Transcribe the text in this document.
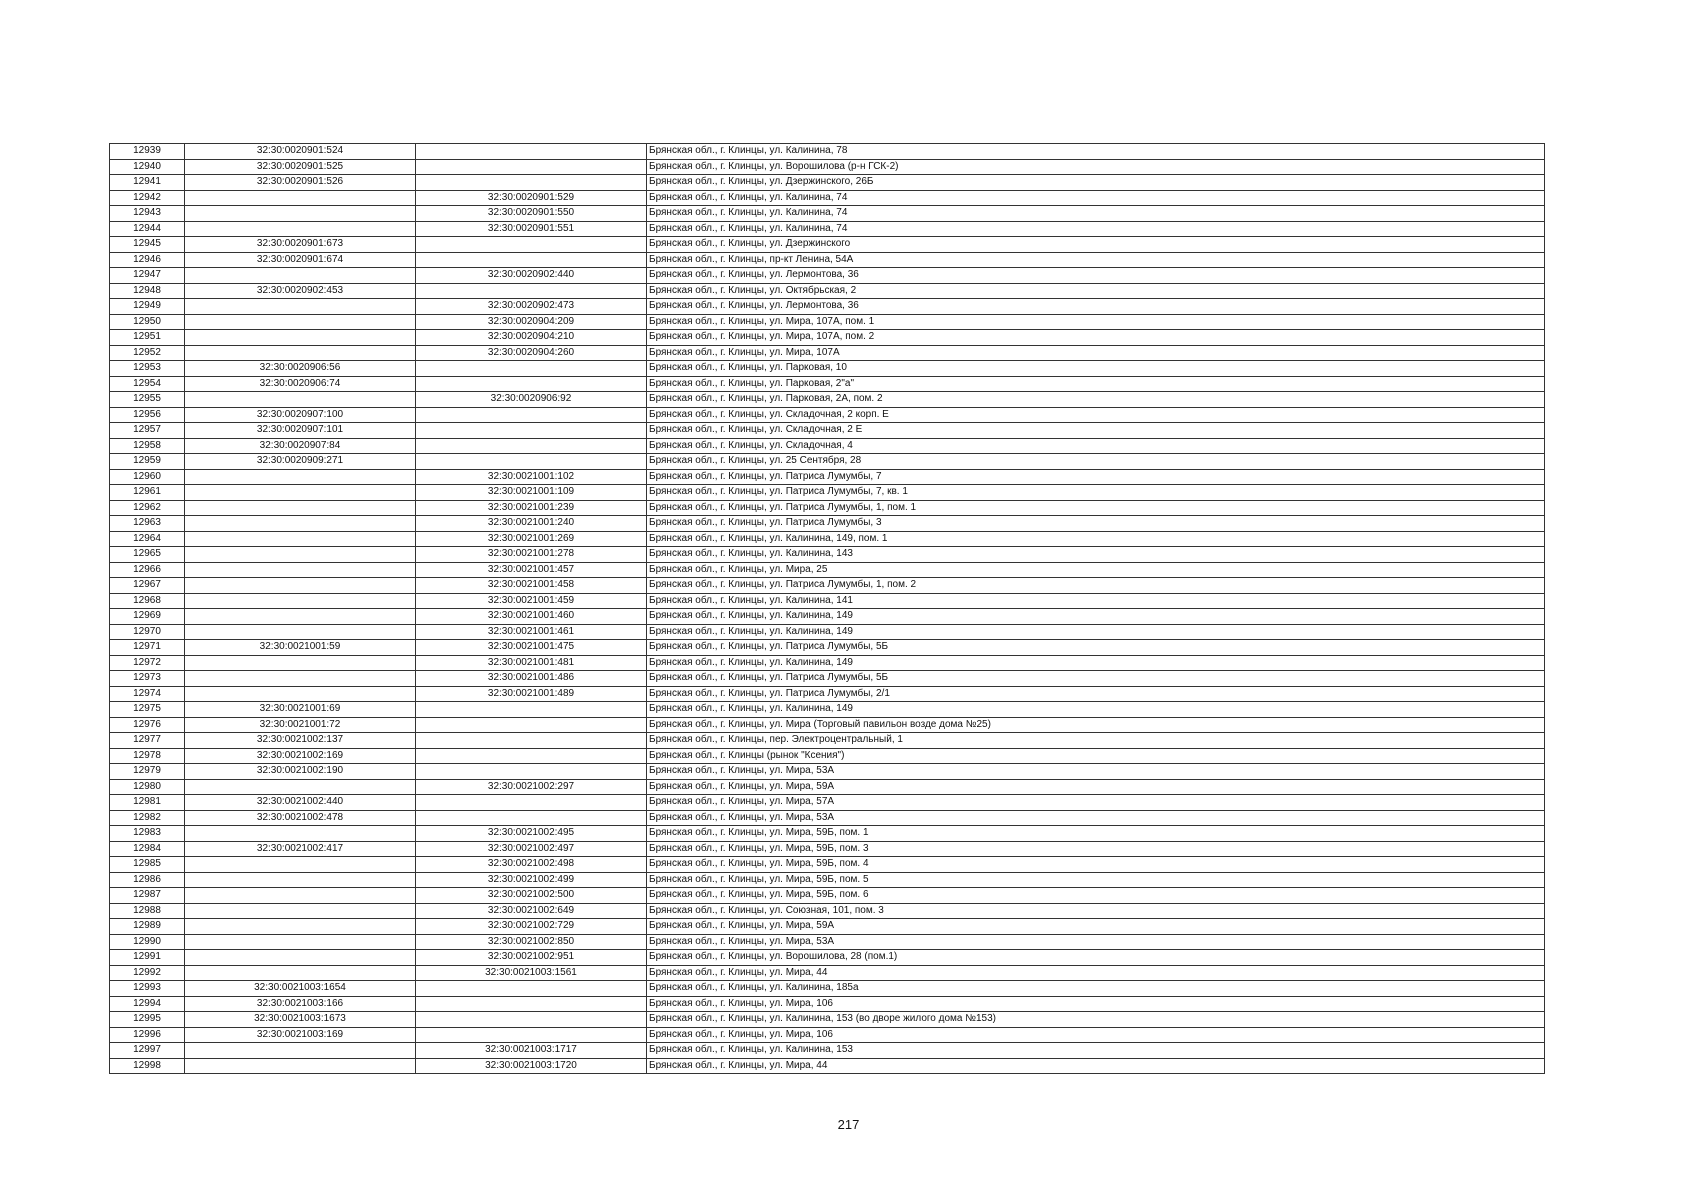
12939	32:30:0020901:524		Брянская обл., г. Клинцы, ул. Калинина, 78
12940	32:30:0020901:525		Брянская обл., г. Клинцы, ул. Ворошилова (р-н ГСК-2)
12941	32:30:0020901:526		Брянская обл., г. Клинцы, ул. Дзержинского, 26Б
12942		32:30:0020901:529	Брянская обл., г. Клинцы, ул. Калинина, 74
12943		32:30:0020901:550	Брянская обл., г. Клинцы, ул. Калинина, 74
12944		32:30:0020901:551	Брянская обл., г. Клинцы, ул. Калинина, 74
12945	32:30:0020901:673		Брянская обл., г. Клинцы, ул. Дзержинского
12946	32:30:0020901:674		Брянская обл., г. Клинцы, пр-кт Ленина, 54А
12947		32:30:0020902:440	Брянская обл., г. Клинцы, ул. Лермонтова, 36
12948	32:30:0020902:453		Брянская обл., г. Клинцы, ул. Октябрьская, 2
12949		32:30:0020902:473	Брянская обл., г. Клинцы, ул. Лермонтова, 36
12950		32:30:0020904:209	Брянская обл., г. Клинцы, ул. Мира, 107А, пом. 1
12951		32:30:0020904:210	Брянская обл., г. Клинцы, ул. Мира, 107А, пом. 2
12952		32:30:0020904:260	Брянская обл., г. Клинцы, ул. Мира, 107А
12953	32:30:0020906:56		Брянская обл., г. Клинцы, ул. Парковая, 10
12954	32:30:0020906:74		Брянская обл., г. Клинцы, ул. Парковая, 2"а"
12955		32:30:0020906:92	Брянская обл., г. Клинцы, ул. Парковая, 2А, пом. 2
12956	32:30:0020907:100		Брянская обл., г. Клинцы, ул. Складочная, 2 корп. Е
12957	32:30:0020907:101		Брянская обл., г. Клинцы, ул. Складочная, 2 Е
12958	32:30:0020907:84		Брянская обл., г. Клинцы, ул. Складочная, 4
12959	32:30:0020909:271		Брянская обл., г. Клинцы, ул. 25 Сентября, 28
12960		32:30:0021001:102	Брянская обл., г. Клинцы, ул. Патриса Лумумбы, 7
12961		32:30:0021001:109	Брянская обл., г. Клинцы, ул. Патриса Лумумбы, 7, кв. 1
12962		32:30:0021001:239	Брянская обл., г. Клинцы, ул. Патриса Лумумбы, 1, пом. 1
12963		32:30:0021001:240	Брянская обл., г. Клинцы, ул. Патриса Лумумбы, 3
12964		32:30:0021001:269	Брянская обл., г. Клинцы, ул. Калинина, 149, пом. 1
12965		32:30:0021001:278	Брянская обл., г. Клинцы, ул. Калинина, 143
12966		32:30:0021001:457	Брянская обл., г. Клинцы, ул. Мира, 25
12967		32:30:0021001:458	Брянская обл., г. Клинцы, ул. Патриса Лумумбы, 1, пом. 2
12968		32:30:0021001:459	Брянская обл., г. Клинцы, ул. Калинина, 141
12969		32:30:0021001:460	Брянская обл., г. Клинцы, ул. Калинина, 149
12970		32:30:0021001:461	Брянская обл., г. Клинцы, ул. Калинина, 149
12971	32:30:0021001:59	32:30:0021001:475	Брянская обл., г. Клинцы, ул. Патриса Лумумбы, 5Б
12972		32:30:0021001:481	Брянская обл., г. Клинцы, ул. Калинина, 149
12973		32:30:0021001:486	Брянская обл., г. Клинцы, ул. Патриса Лумумбы, 5Б
12974		32:30:0021001:489	Брянская обл., г. Клинцы, ул. Патриса Лумумбы, 2/1
12975	32:30:0021001:69		Брянская обл., г. Клинцы, ул. Калинина, 149
12976	32:30:0021001:72		Брянская обл., г. Клинцы, ул. Мира (Торговый павильон возде дома №25)
12977	32:30:0021002:137		Брянская обл., г. Клинцы, пер. Электроцентральный, 1
12978	32:30:0021002:169		Брянская обл., г. Клинцы (рынок "Ксения")
12979	32:30:0021002:190		Брянская обл., г. Клинцы, ул. Мира, 53А
12980		32:30:0021002:297	Брянская обл., г. Клинцы, ул. Мира, 59А
12981	32:30:0021002:440		Брянская обл., г. Клинцы, ул. Мира, 57А
12982	32:30:0021002:478		Брянская обл., г. Клинцы, ул. Мира, 53А
12983		32:30:0021002:495	Брянская обл., г. Клинцы, ул. Мира, 59Б, пом. 1
12984	32:30:0021002:417	32:30:0021002:497	Брянская обл., г. Клинцы, ул. Мира, 59Б, пом. 3
12985		32:30:0021002:498	Брянская обл., г. Клинцы, ул. Мира, 59Б, пом. 4
12986		32:30:0021002:499	Брянская обл., г. Клинцы, ул. Мира, 59Б, пом. 5
12987		32:30:0021002:500	Брянская обл., г. Клинцы, ул. Мира, 59Б, пом. 6
12988		32:30:0021002:649	Брянская обл., г. Клинцы, ул. Союзная, 101, пом. 3
12989		32:30:0021002:729	Брянская обл., г. Клинцы, ул. Мира, 59А
12990		32:30:0021002:850	Брянская обл., г. Клинцы, ул. Мира, 53А
12991		32:30:0021002:951	Брянская обл., г. Клинцы, ул. Ворошилова, 28 (пом.1)
12992		32:30:0021003:1561	Брянская обл., г. Клинцы, ул. Мира, 44
12993	32:30:0021003:1654		Брянская обл., г. Клинцы, ул. Калинина, 185а
12994	32:30:0021003:166		Брянская обл., г. Клинцы, ул. Мира, 106
12995	32:30:0021003:1673		Брянская обл., г. Клинцы, ул. Калинина, 153 (во дворе жилого дома №153)
12996	32:30:0021003:169		Брянская обл., г. Клинцы, ул. Мира, 106
12997		32:30:0021003:1717	Брянская обл., г. Клинцы, ул. Калинина, 153
12998		32:30:0021003:1720	Брянская обл., г. Клинцы, ул. Мира, 44
217
